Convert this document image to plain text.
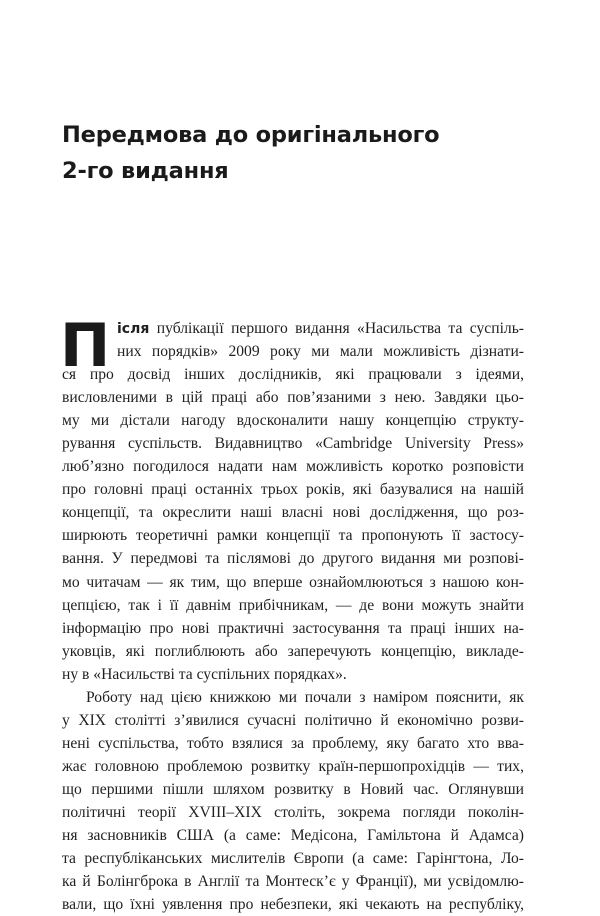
Передмова до оригінального
2-го видання
П ісля публікації першого видання «Насильства та суспіль-
них порядків» 2009 року ми мали можливість дізнати-
ся про досвід інших дослідників, які працювали з ідеями,
висловленими в цій праці або пов’язаними з нею. Завдяки цьо-
му ми дістали нагоду вдосконалити нашу концепцію структу-
рування суспільств. Видавництво «Cambridge University Press»
люб’язно погодилося надати нам можливість коротко розповісти
про головні праці останніх трьох років, які базувалися на нашій
концепції, та окреслити наші власні нові дослідження, що роз-
ширюють теоретичні рамки концепції та пропонують її застосу-
вання. У передмові та післямові до другого видання ми розпові-
мо читачам — як тим, що вперше ознайомлюються з нашою кон-
цепцією, так і її давнім прибічникам, — де вони можуть знайти
інформацію про нові практичні застосування та праці інших на-
уковців, які поглиблюють або заперечують концепцію, викладе-
ну в «Насильстві та суспільних порядках».
Роботу над цією книжкою ми почали з наміром пояснити, як
у XIX столітті з’явилися сучасні політично й економічно розви-
нені суспільства, тобто взялися за проблему, яку багато хто вва-
жає головною проблемою розвитку країн-першопрохідців — тих,
що першими пішли шляхом розвитку в Новий час. Оглянувши
політичні теорії XVIII–XIX століть, зокрема погляди поколін-
ня засновників США (а саме: Медісона, Гамільтона й Адамса)
та республіканських мислителів Європи (а саме: Гарінгтона, Ло-
ка й Болінгброка в Англії та Монтеск’є у Франції), ми усвідомлю-
вали, що їхні уявлення про небезпеки, які чекають на республіку,
